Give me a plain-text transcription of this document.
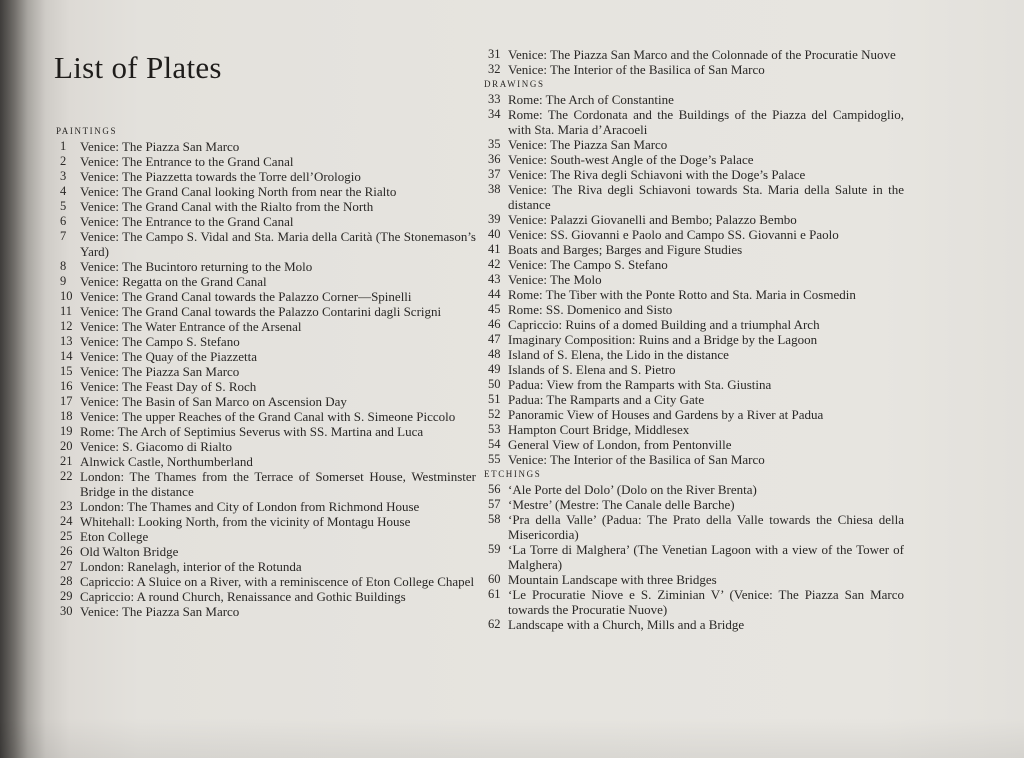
List of Plates
PAINTINGS
1	Venice: The Piazza San Marco
2	Venice: The Entrance to the Grand Canal
3	Venice: The Piazzetta towards the Torre dell’Orologio
4	Venice: The Grand Canal looking North from near the Rialto
5	Venice: The Grand Canal with the Rialto from the North
6	Venice: The Entrance to the Grand Canal
7	Venice: The Campo S. Vidal and Sta. Maria della Carità (The Stonemason’s Yard)
8	Venice: The Bucintoro returning to the Molo
9	Venice: Regatta on the Grand Canal
10 Venice: The Grand Canal towards the Palazzo Corner—Spinelli
11 Venice: The Grand Canal towards the Palazzo Contarini dagli Scrigni
12 Venice: The Water Entrance of the Arsenal
13 Venice: The Campo S. Stefano
14 Venice: The Quay of the Piazzetta
15 Venice: The Piazza San Marco
16 Venice: The Feast Day of S. Roch
17 Venice: The Basin of San Marco on Ascension Day
18 Venice: The upper Reaches of the Grand Canal with S. Simeone Piccolo
19 Rome: The Arch of Septimius Severus with SS. Martina and Luca
20 Venice: S. Giacomo di Rialto
21 Alnwick Castle, Northumberland
22 London: The Thames from the Terrace of Somerset House, Westminster Bridge in the distance
23 London: The Thames and City of London from Richmond House
24 Whitehall: Looking North, from the vicinity of Montagu House
25 Eton College
26 Old Walton Bridge
27 London: Ranelagh, interior of the Rotunda
28 Capriccio: A Sluice on a River, with a reminiscence of Eton College Chapel
29 Capriccio: A round Church, Renaissance and Gothic Buildings
30 Venice: The Piazza San Marco
31 Venice: The Piazza San Marco and the Colonnade of the Procuratie Nuove
32 Venice: The Interior of the Basilica of San Marco
DRAWINGS
33 Rome: The Arch of Constantine
34 Rome: The Cordonata and the Buildings of the Piazza del Campidoglio, with Sta. Maria d’Aracoeli
35 Venice: The Piazza San Marco
36 Venice: South-west Angle of the Doge’s Palace
37 Venice: The Riva degli Schiavoni with the Doge’s Palace
38 Venice: The Riva degli Schiavoni towards Sta. Maria della Salute in the distance
39 Venice: Palazzi Giovanelli and Bembo; Palazzo Bembo
40 Venice: SS. Giovanni e Paolo and Campo SS. Giovanni e Paolo
41 Boats and Barges; Barges and Figure Studies
42 Venice: The Campo S. Stefano
43 Venice: The Molo
44 Rome: The Tiber with the Ponte Rotto and Sta. Maria in Cosmedin
45 Rome: SS. Domenico and Sisto
46 Capriccio: Ruins of a domed Building and a triumphal Arch
47 Imaginary Composition: Ruins and a Bridge by the Lagoon
48 Island of S. Elena, the Lido in the distance
49 Islands of S. Elena and S. Pietro
50 Padua: View from the Ramparts with Sta. Giustina
51 Padua: The Ramparts and a City Gate
52 Panoramic View of Houses and Gardens by a River at Padua
53 Hampton Court Bridge, Middlesex
54 General View of London, from Pentonville
55 Venice: The Interior of the Basilica of San Marco
ETCHINGS
56 ‘Ale Porte del Dolo’ (Dolo on the River Brenta)
57 ‘Mestre’ (Mestre: The Canale delle Barche)
58 ‘Pra della Valle’ (Padua: The Prato della Valle towards the Chiesa della Misericordia)
59 ‘La Torre di Malghera’ (The Venetian Lagoon with a view of the Tower of Malghera)
60 Mountain Landscape with three Bridges
61 ‘Le Procuratie Niove e S. Ziminian V’ (Venice: The Piazza San Marco towards the Procuratie Nuove)
62 Landscape with a Church, Mills and a Bridge
